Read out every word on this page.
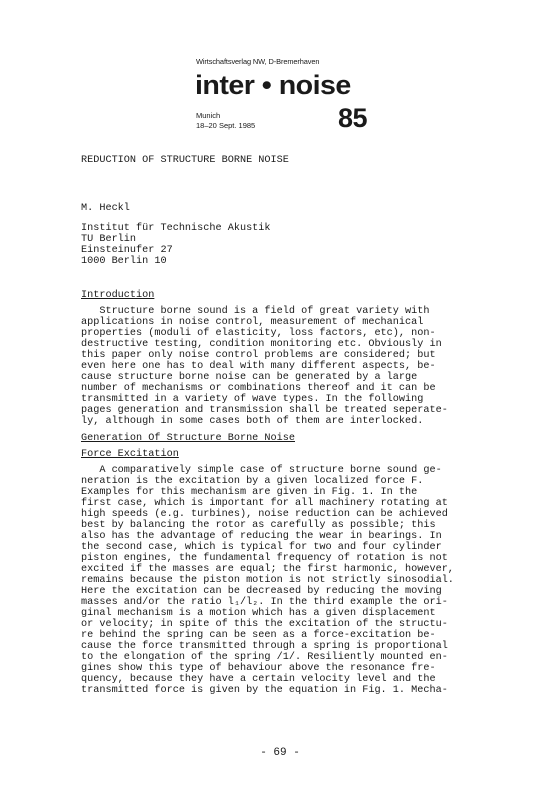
Wirtschaftsverlag NW, D-Bremerhaven
inter • noise
Munich
18–20 Sept. 1985	85
REDUCTION OF STRUCTURE BORNE NOISE
M. Heckl
Institut für Technische Akustik
TU Berlin
Einsteinufer 27
1000 Berlin 10
Introduction
Structure borne sound is a field of great variety with
applications in noise control, measurement of mechanical
properties (moduli of elasticity, loss factors, etc), non-
destructive testing, condition monitoring etc. Obviously in
this paper only noise control problems are considered; but
even here one has to deal with many different aspects, be-
cause structure borne noise can be generated by a large
number of mechanisms or combinations thereof and it can be
transmitted in a variety of wave types. In the following
pages generation and transmission shall be treated seperate-
ly, although in some cases both of them are interlocked.
Generation Of Structure Borne Noise
Force Excitation
A comparatively simple case of structure borne sound ge-
neration is the excitation by a given localized force F.
Examples for this mechanism are given in Fig. 1. In the
first case, which is important for all machinery rotating at
high speeds (e.g. turbines), noise reduction can be achieved
best by balancing the rotor as carefully as possible; this
also has the advantage of reducing the wear in bearings. In
the second case, which is typical for two and four cylinder
piston engines, the fundamental frequency of rotation is not
excited if the masses are equal; the first harmonic, however,
remains because the piston motion is not strictly sinosodial.
Here the excitation can be decreased by reducing the moving
masses and/or the ratio l₁/l₂. In the third example the ori-
ginal mechanism is a motion which has a given displacement
or velocity; in spite of this the excitation of the structu-
re behind the spring can be seen as a force-excitation be-
cause the force transmitted through a spring is proportional
to the elongation of the spring /1/. Resiliently mounted en-
gines show this type of behaviour above the resonance fre-
quency, because they have a certain velocity level and the
transmitted force is given by the equation in Fig. 1. Mecha-
- 69 -
